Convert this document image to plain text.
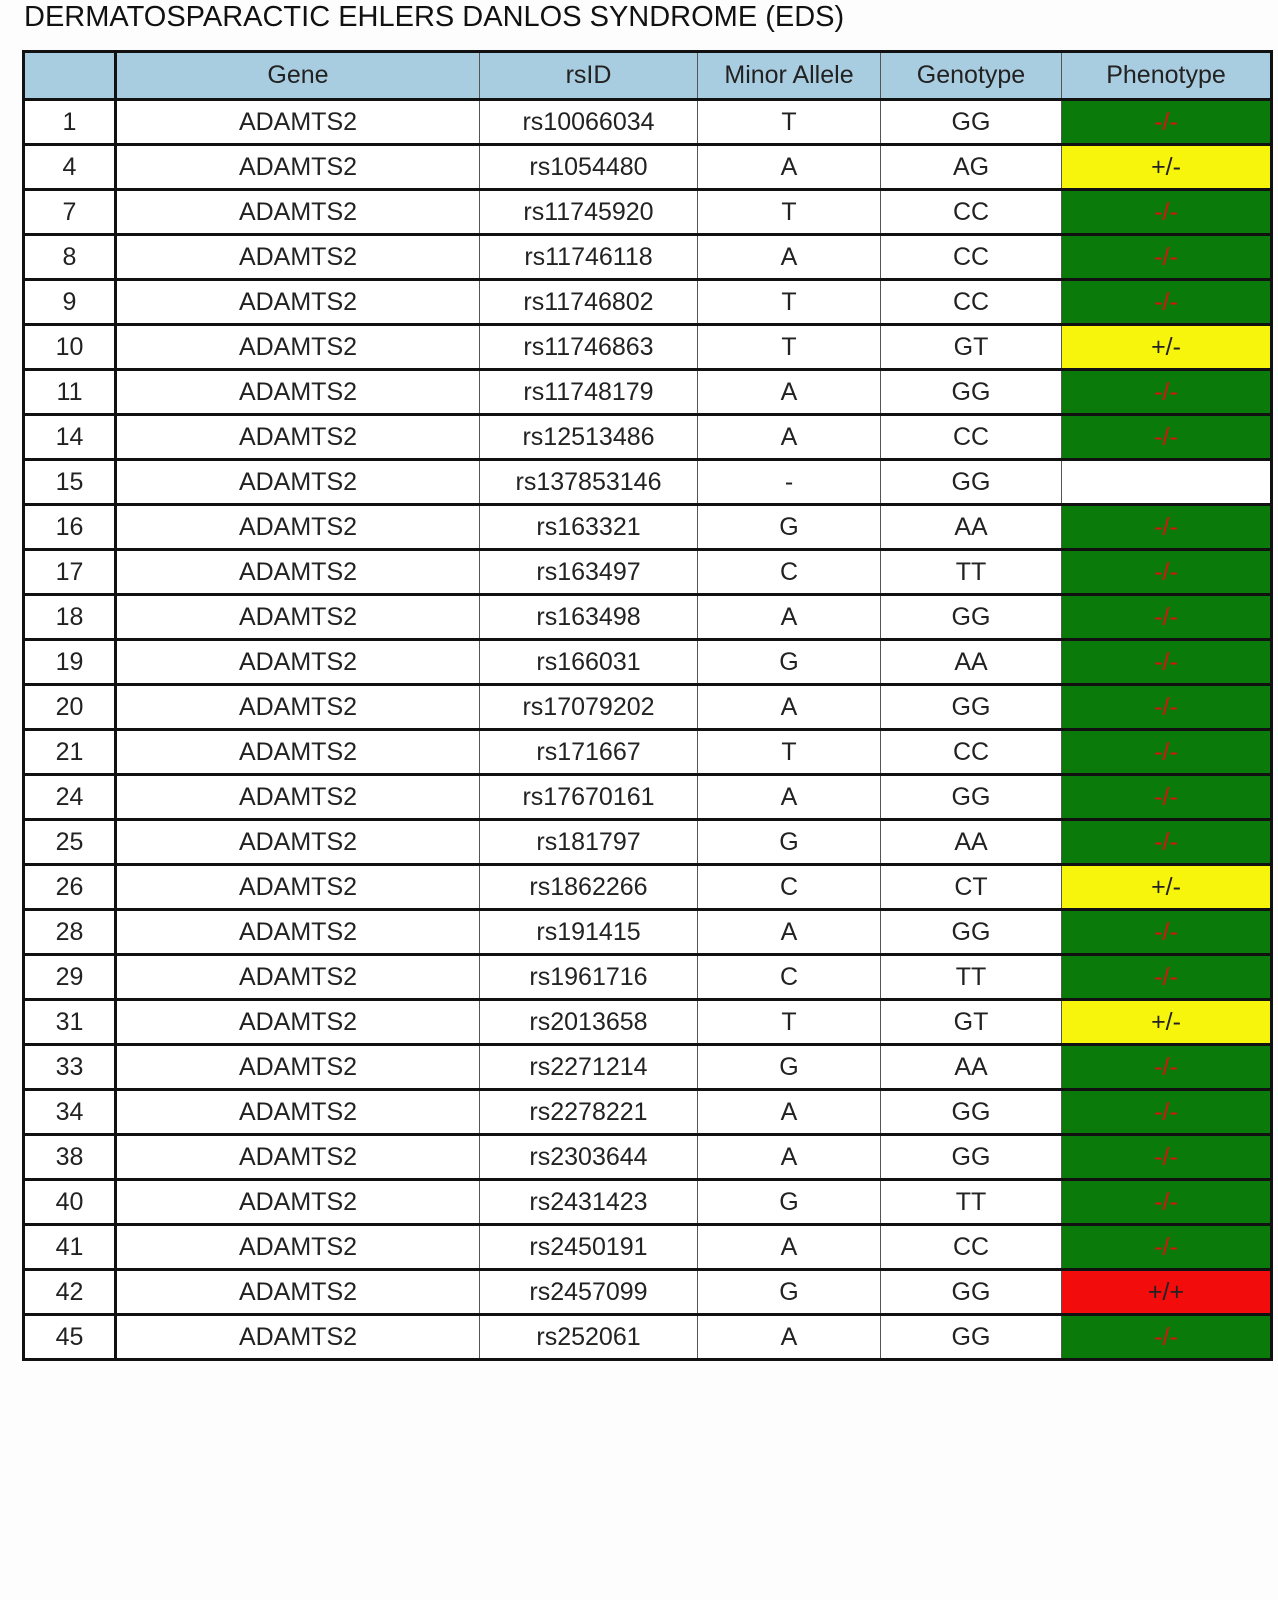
DERMATOSPARACTIC EHLERS DANLOS SYNDROME (EDS)
	Gene	rsID	Minor Allele	Genotype	Phenotype
1	ADAMTS2	rs10066034	T	GG	-/-
4	ADAMTS2	rs1054480	A	AG	+/-
7	ADAMTS2	rs11745920	T	CC	-/-
8	ADAMTS2	rs11746118	A	CC	-/-
9	ADAMTS2	rs11746802	T	CC	-/-
10	ADAMTS2	rs11746863	T	GT	+/-
11	ADAMTS2	rs11748179	A	GG	-/-
14	ADAMTS2	rs12513486	A	CC	-/-
15	ADAMTS2	rs137853146	-	GG	
16	ADAMTS2	rs163321	G	AA	-/-
17	ADAMTS2	rs163497	C	TT	-/-
18	ADAMTS2	rs163498	A	GG	-/-
19	ADAMTS2	rs166031	G	AA	-/-
20	ADAMTS2	rs17079202	A	GG	-/-
21	ADAMTS2	rs171667	T	CC	-/-
24	ADAMTS2	rs17670161	A	GG	-/-
25	ADAMTS2	rs181797	G	AA	-/-
26	ADAMTS2	rs1862266	C	CT	+/-
28	ADAMTS2	rs191415	A	GG	-/-
29	ADAMTS2	rs1961716	C	TT	-/-
31	ADAMTS2	rs2013658	T	GT	+/-
33	ADAMTS2	rs2271214	G	AA	-/-
34	ADAMTS2	rs2278221	A	GG	-/-
38	ADAMTS2	rs2303644	A	GG	-/-
40	ADAMTS2	rs2431423	G	TT	-/-
41	ADAMTS2	rs2450191	A	CC	-/-
42	ADAMTS2	rs2457099	G	GG	+/+
45	ADAMTS2	rs252061	A	GG	-/-
